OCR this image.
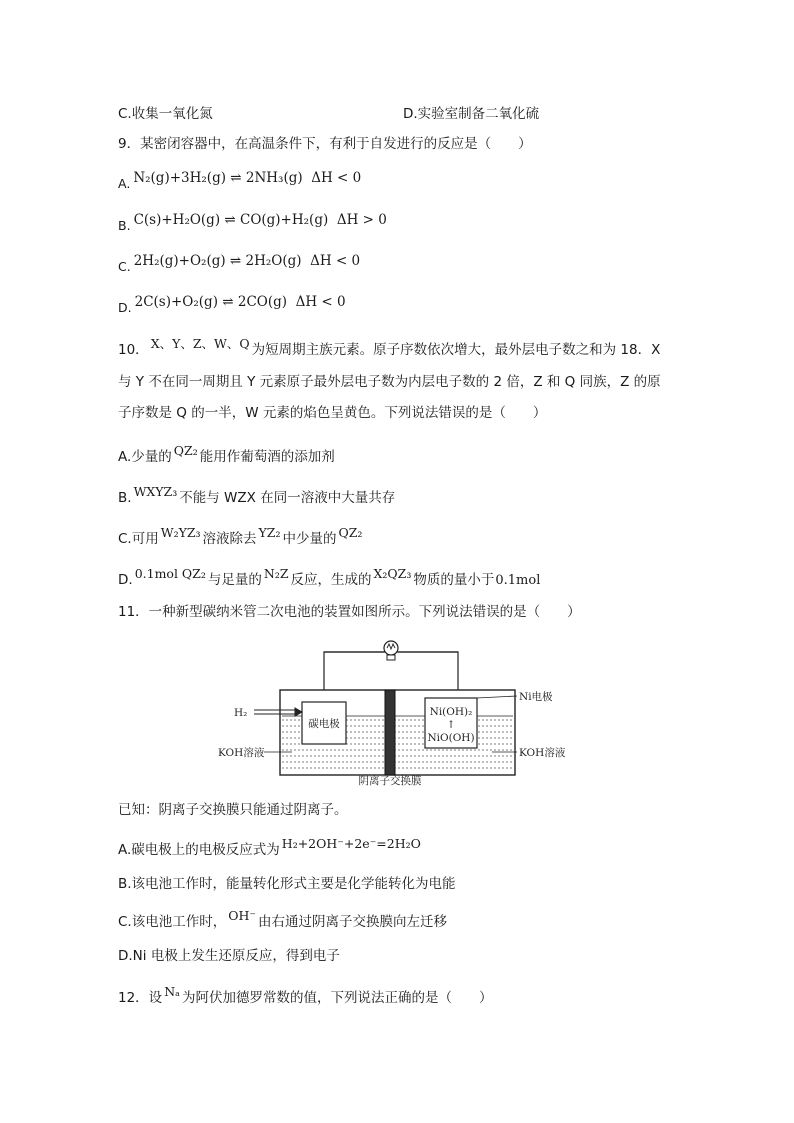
C.收集一氧化氮	D.实验室制备二氧化硫
9．某密闭容器中，在高温条件下，有利于自发进行的反应是（　　）
A. N₂(g)+3H₂(g) ⇌ 2NH₃(g) ΔH < 0
B. C(s)+H₂O(g) ⇌ CO(g)+H₂(g) ΔH > 0
C. 2H₂(g)+O₂(g) ⇌ 2H₂O(g) ΔH < 0
D. 2C(s)+O₂(g) ⇌ 2CO(g) ΔH < 0
10． X、Y、Z、W、Q 为短周期主族元素。原子序数依次增大，最外层电子数之和为 18．X
与 Y 不在同一周期且 Y 元素原子最外层电子数为内层电子数的 2 倍，Z 和 Q 同族，Z 的原
子序数是 Q 的一半，W 元素的焰色呈黄色。下列说法错误的是（　　）
A.少量的 QZ₂ 能用作葡萄酒的添加剂
B. WXYZ₃ 不能与 WZX 在同一溶液中大量共存
C.可用 W₂YZ₃ 溶液除去 YZ₂ 中少量的 QZ₂
D. 0.1mol QZ₂ 与足量的 N₂Z 反应，生成的 X₂QZ₃ 物质的量小于0.1mol
11．一种新型碳纳米管二次电池的装置如图所示。下列说法错误的是（　　）
碳电极
Ni(OH)₂
↑
NiO(OH)
H₂
Ni电极
KOH溶液
KOH溶液
阴离子交换膜
已知：阴离子交换膜只能通过阴离子。
A.碳电极上的电极反应式为 H₂+2OH⁻+2e⁻=2H₂O
B.该电池工作时，能量转化形式主要是化学能转化为电能
C.该电池工作时， OH⁻ 由右通过阴离子交换膜向左迁移
D.Ni 电极上发生还原反应，得到电子
12．设 Nₐ 为阿伏加德罗常数的值，下列说法正确的是（　　）
